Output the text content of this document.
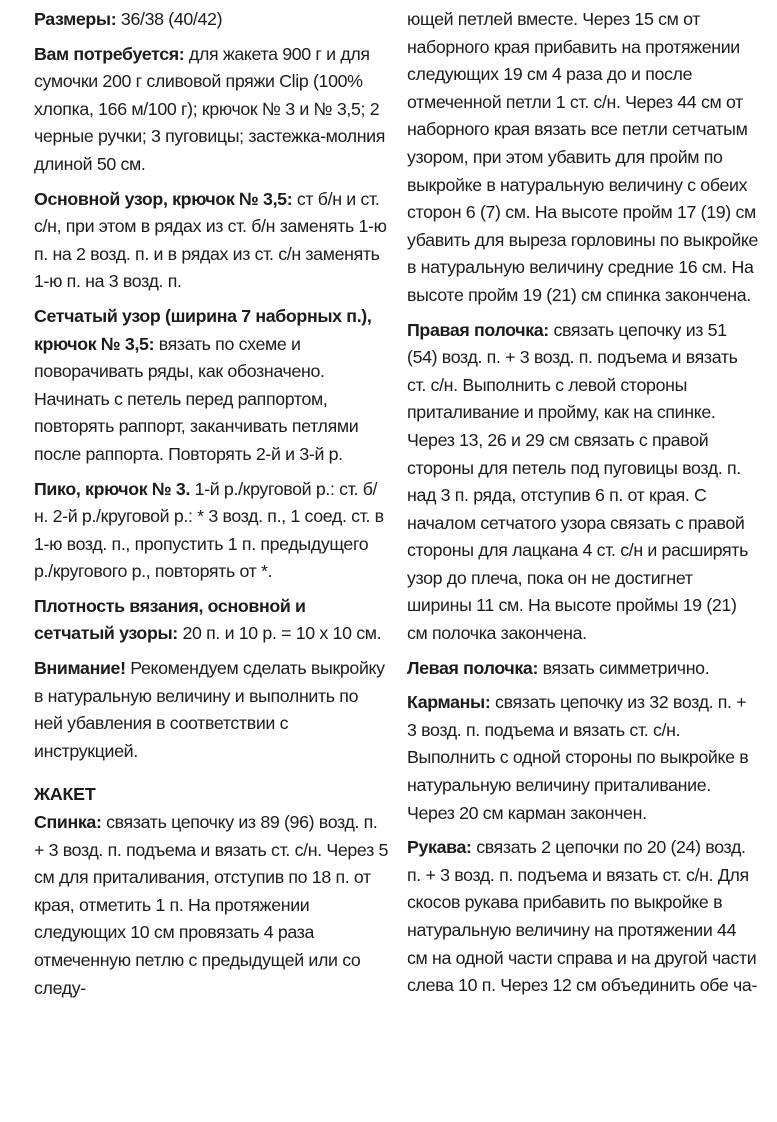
Размеры: 36/38 (40/42)

Вам потребуется: для жакета 900 г и для сумочки 200 г сливовой пряжи Clip (100% хлопка, 166 м/100 г); крючок № 3 и № 3,5; 2 черные ручки; 3 пуговицы; застежка-молния длиной 50 см.

Основной узор, крючок № 3,5: ст б/н и ст. с/н, при этом в рядах из ст. б/н заменять 1-ю п. на 2 возд. п. и в рядах из ст. с/н заменять 1-ю п. на 3 возд. п.

Сетчатый узор (ширина 7 наборных п.), крючок № 3,5: вязать по схеме и поворачивать ряды, как обозначено. Начинать с петель перед раппортом, повторять раппорт, заканчивать петлями после раппорта. Повторять 2-й и 3-й р.

Пико, крючок № 3. 1-й р./круговой р.: ст. б/н. 2-й р./круговой р.: * 3 возд. п., 1 соед. ст. в 1-ю возд. п., пропустить 1 п. предыдущего р./кругового р., повторять от *.

Плотность вязания, основной и сетчатый узоры: 20 п. и 10 р. = 10 х 10 см.

Внимание! Рекомендуем сделать выкройку в натуральную величину и выполнить по ней убавления в соответствии с инструкцией.

ЖАКЕТ

Спинка: связать цепочку из 89 (96) возд. п. + 3 возд. п. подъема и вязать ст. с/н. Через 5 см для приталивания, отступив по 18 п. от края, отметить 1 п. На протяжении следующих 10 см провязать 4 раза отмеченную петлю с предыдущей или со следу-

ющей петлей вместе. Через 15 см от наборного края прибавить на протяжении следующих 19 см 4 раза до и после отмеченной петли 1 ст. с/н. Через 44 см от наборного края вязать все петли сетчатым узором, при этом убавить для пройм по выкройке в натуральную величину с обеих сторон 6 (7) см. На высоте пройм 17 (19) см убавить для выреза горловины по выкройке в натуральную величину средние 16 см. На высоте пройм 19 (21) см спинка закончена.

Правая полочка: связать цепочку из 51 (54) возд. п. + 3 возд. п. подъема и вязать ст. с/н. Выполнить с левой стороны приталивание и пройму, как на спинке. Через 13, 26 и 29 см связать с правой стороны для петель под пуговицы возд. п. над 3 п. ряда, отступив 6 п. от края. С началом сетчатого узора связать с правой стороны для лацкана 4 ст. с/н и расширять узор до плеча, пока он не достигнет ширины 11 см. На высоте проймы 19 (21) см полочка закончена.

Левая полочка: вязать симметрично.

Карманы: связать цепочку из 32 возд. п. + 3 возд. п. подъема и вязать ст. с/н. Выполнить с одной стороны по выкройке в натуральную величину приталивание. Через 20 см карман закончен.

Рукава: связать 2 цепочки по 20 (24) возд. п. + 3 возд. п. подъема и вязать ст. с/н. Для скосов рукава прибавить по выкройке в натуральную величину на протяжении 44 см на одной части справа и на другой части слева 10 п. Через 12 см объединить обе ча-
